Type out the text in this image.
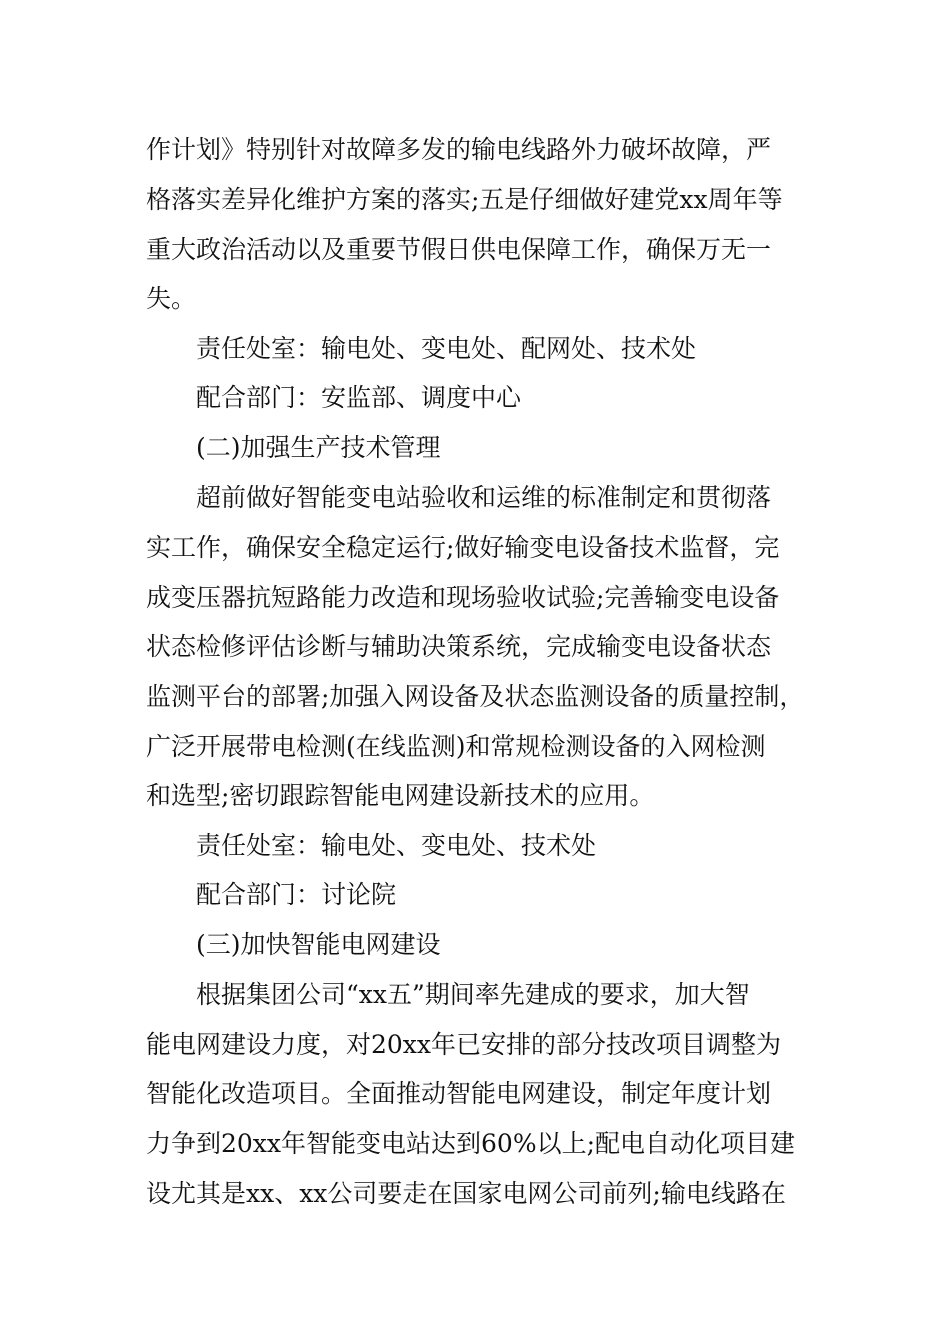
作计划》特别针对故障多发的输电线路外力破坏故障，严
格落实差异化维护方案的落实;五是仔细做好建党xx周年等
重大政治活动以及重要节假日供电保障工作，确保万无一
失。
责任处室：输电处、变电处、配网处、技术处
配合部门：安监部、调度中心
(二)加强生产技术管理
超前做好智能变电站验收和运维的标准制定和贯彻落
实工作，确保安全稳定运行;做好输变电设备技术监督，完
成变压器抗短路能力改造和现场验收试验;完善输变电设备
状态检修评估诊断与辅助决策系统，完成输变电设备状态
监测平台的部署;加强入网设备及状态监测设备的质量控制，
广泛开展带电检测(在线监测)和常规检测设备的入网检测
和选型;密切跟踪智能电网建设新技术的应用。
责任处室：输电处、变电处、技术处
配合部门：讨论院
(三)加快智能电网建设
根据集团公司“xx五”期间率先建成的要求，加大智
能电网建设力度，对20xx年已安排的部分技改项目调整为
智能化改造项目。全面推动智能电网建设，制定年度计划
力争到20xx年智能变电站达到60%以上;配电自动化项目建
设尤其是xx、xx公司要走在国家电网公司前列;输电线路在
